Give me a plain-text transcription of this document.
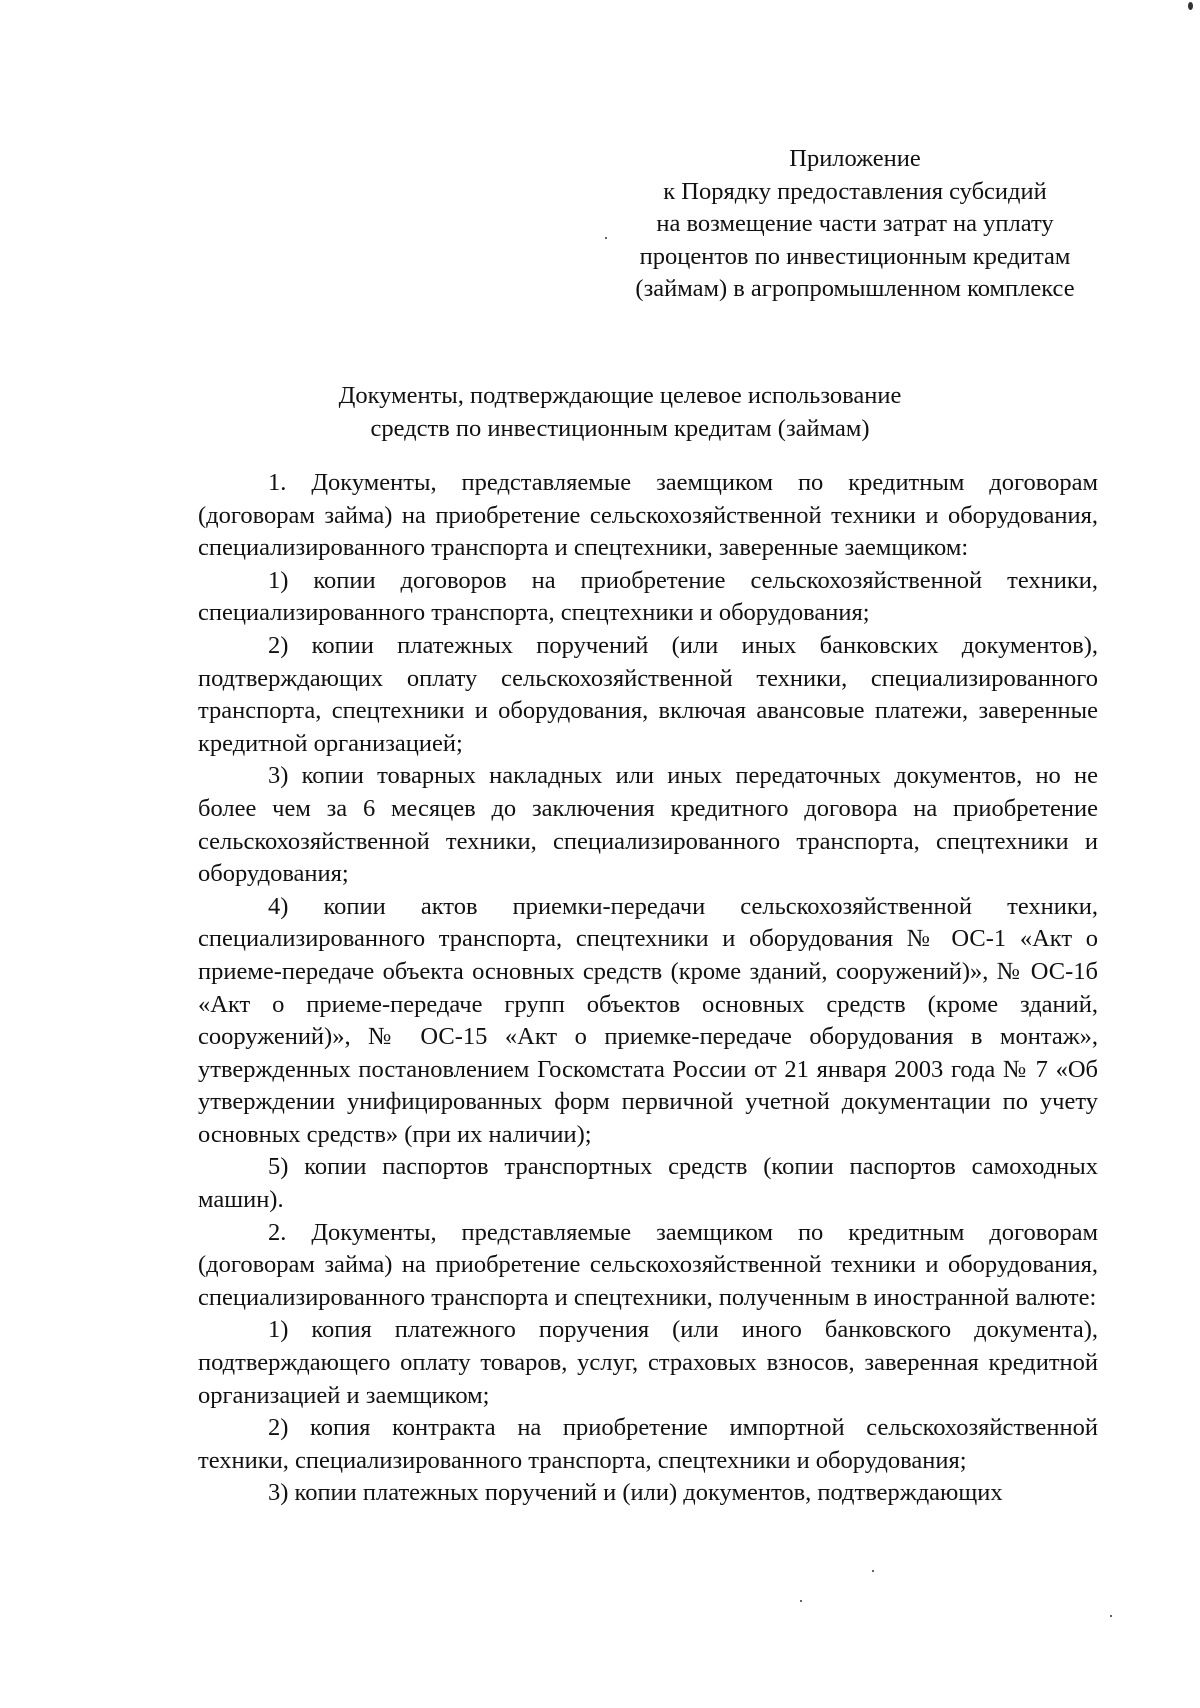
Приложение
к Порядку предоставления субсидий
на возмещение части затрат на уплату
процентов по инвестиционным кредитам
(займам) в агропромышленном комплексе
Документы, подтверждающие целевое использование
средств по инвестиционным кредитам (займам)

1. Документы, представляемые заемщиком по кредитным договорам (договорам займа) на приобретение сельскохозяйственной техники и оборудования, специализированного транспорта и спецтехники, заверенные заемщиком:

1) копии договоров на приобретение сельскохозяйственной техники, специализированного транспорта, спецтехники и оборудования;

2) копии платежных поручений (или иных банковских документов), подтверждающих оплату сельскохозяйственной техники, специализированного транспорта, спецтехники и оборудования, включая авансовые платежи, заверенные кредитной организацией;

3) копии товарных накладных или иных передаточных документов, но не более чем за 6 месяцев до заключения кредитного договора на приобретение сельскохозяйственной техники, специализированного транспорта, спецтехники и оборудования;

4) копии актов приемки-передачи сельскохозяйственной техники, специализированного транспорта, спецтехники и оборудования № ОС-1 «Акт о приеме-передаче объекта основных средств (кроме зданий, сооружений)», № ОС-1б «Акт о приеме-передаче групп объектов основных средств (кроме зданий, сооружений)», № ОС-15 «Акт о приемке-передаче оборудования в монтаж», утвержденных постановлением Госкомстата России от 21 января 2003 года № 7 «Об утверждении унифицированных форм первичной учетной документации по учету основных средств» (при их наличии);

5) копии паспортов транспортных средств (копии паспортов самоходных машин).

2. Документы, представляемые заемщиком по кредитным договорам (договорам займа) на приобретение сельскохозяйственной техники и оборудования, специализированного транспорта и спецтехники, полученным в иностранной валюте:

1) копия платежного поручения (или иного банковского документа), подтверждающего оплату товаров, услуг, страховых взносов, заверенная кредитной организацией и заемщиком;

2) копия контракта на приобретение импортной сельскохозяйственной техники, специализированного транспорта, спецтехники и оборудования;

3) копии платежных поручений и (или) документов, подтверждающих
